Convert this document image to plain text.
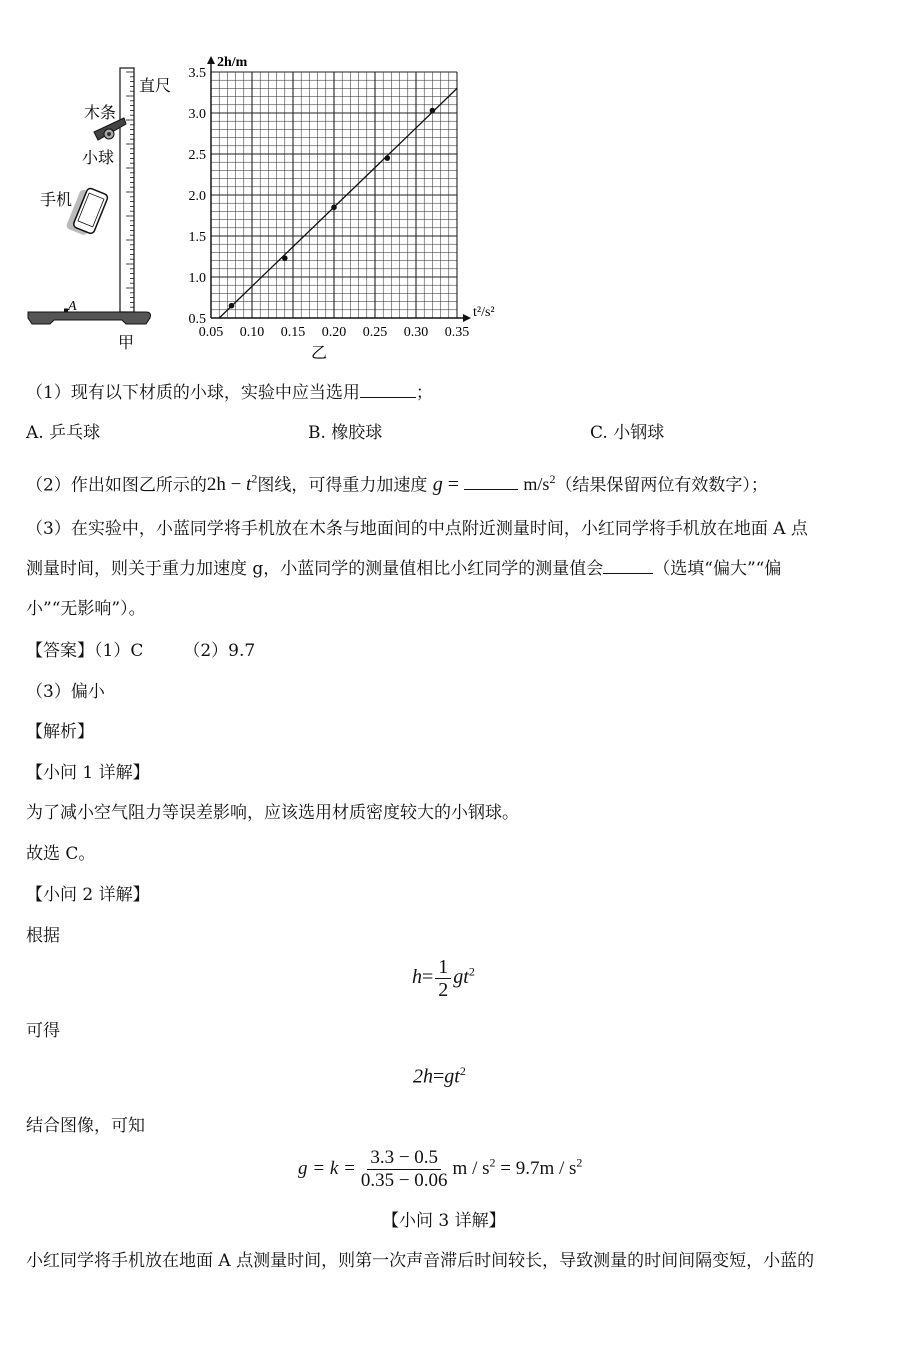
A
直尺
木条
小球
手机
甲
0.5
1.0
1.5
2.0
2.5
3.0
3.5
0.05 0.10 0.15 0.20 0.25 0.30 0.35
2h/m
t²/s²
乙
（1）现有以下材质的小球，实验中应当选用	；
A. 乒乓球	B. 橡胶球	C. 小钢球
（2）作出如图乙所示的$2h - t^2$图线，可得重力加速度 g =	$m/s^2$（结果保留两位有效数字）；
（3）在实验中，小蓝同学将手机放在木条与地面间的中点附近测量时间，小红同学将手机放在地面 A 点
测量时间，则关于重力加速度 g，小蓝同学的测量值相比小红同学的测量值会	（选填“偏大”“偏
小”“无影响”）。
【答案】（1）C （2）9.7
（3）偏小
【解析】
【小问 1 详解】
为了减小空气阻力等误差影响，应该选用材质密度较大的小钢球。
故选 C。
【小问 2 详解】
根据
$h= \frac{1}{2} gt^2$
可得
$2h=gt^2$
结合图像，可知
$g = k = \frac{3.3 - 0.5}{0.35 - 0.06}$ $m / s^2 = 9.7m / s^2$
【小问 3 详解】
小红同学将手机放在地面 A 点测量时间，则第一次声音滞后时间较长，导致测量的时间间隔变短，小蓝的
